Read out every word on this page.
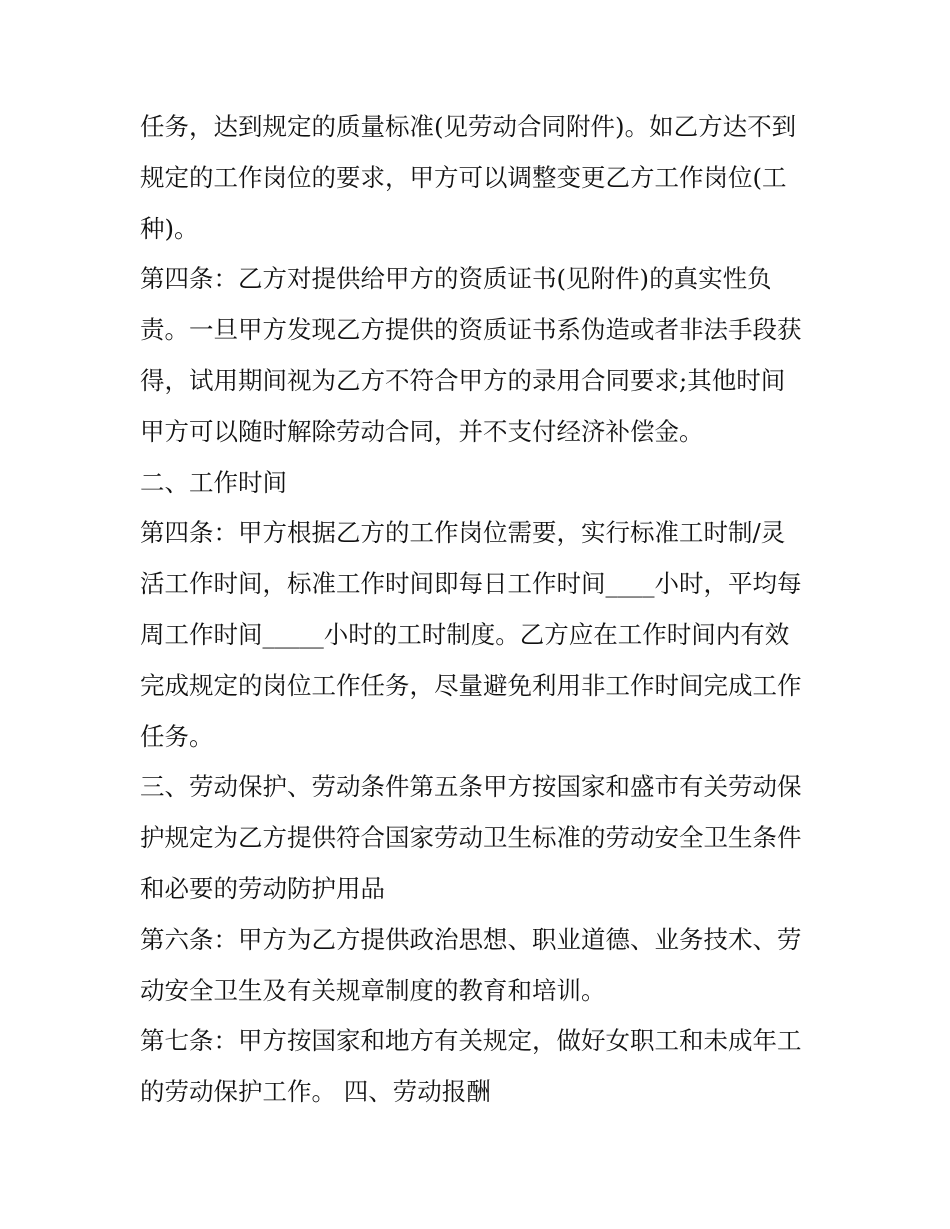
任务，达到规定的质量标准(见劳动合同附件)。如乙方达不到
规定的工作岗位的要求，甲方可以调整变更乙方工作岗位(工
种)。
第四条：乙方对提供给甲方的资质证书(见附件)的真实性负
责。一旦甲方发现乙方提供的资质证书系伪造或者非法手段获
得，试用期间视为乙方不符合甲方的录用合同要求;其他时间
甲方可以随时解除劳动合同，并不支付经济补偿金。
二、工作时间
第四条：甲方根据乙方的工作岗位需要，实行标准工时制/灵
活工作时间，标准工作时间即每日工作时间____小时，平均每
周工作时间_____小时的工时制度。乙方应在工作时间内有效
完成规定的岗位工作任务，尽量避免利用非工作时间完成工作
任务。
三、劳动保护、劳动条件第五条甲方按国家和盛市有关劳动保
护规定为乙方提供符合国家劳动卫生标准的劳动安全卫生条件
和必要的劳动防护用品
第六条：甲方为乙方提供政治思想、职业道德、业务技术、劳
动安全卫生及有关规章制度的教育和培训。
第七条：甲方按国家和地方有关规定，做好女职工和未成年工
的劳动保护工作。 四、劳动报酬
